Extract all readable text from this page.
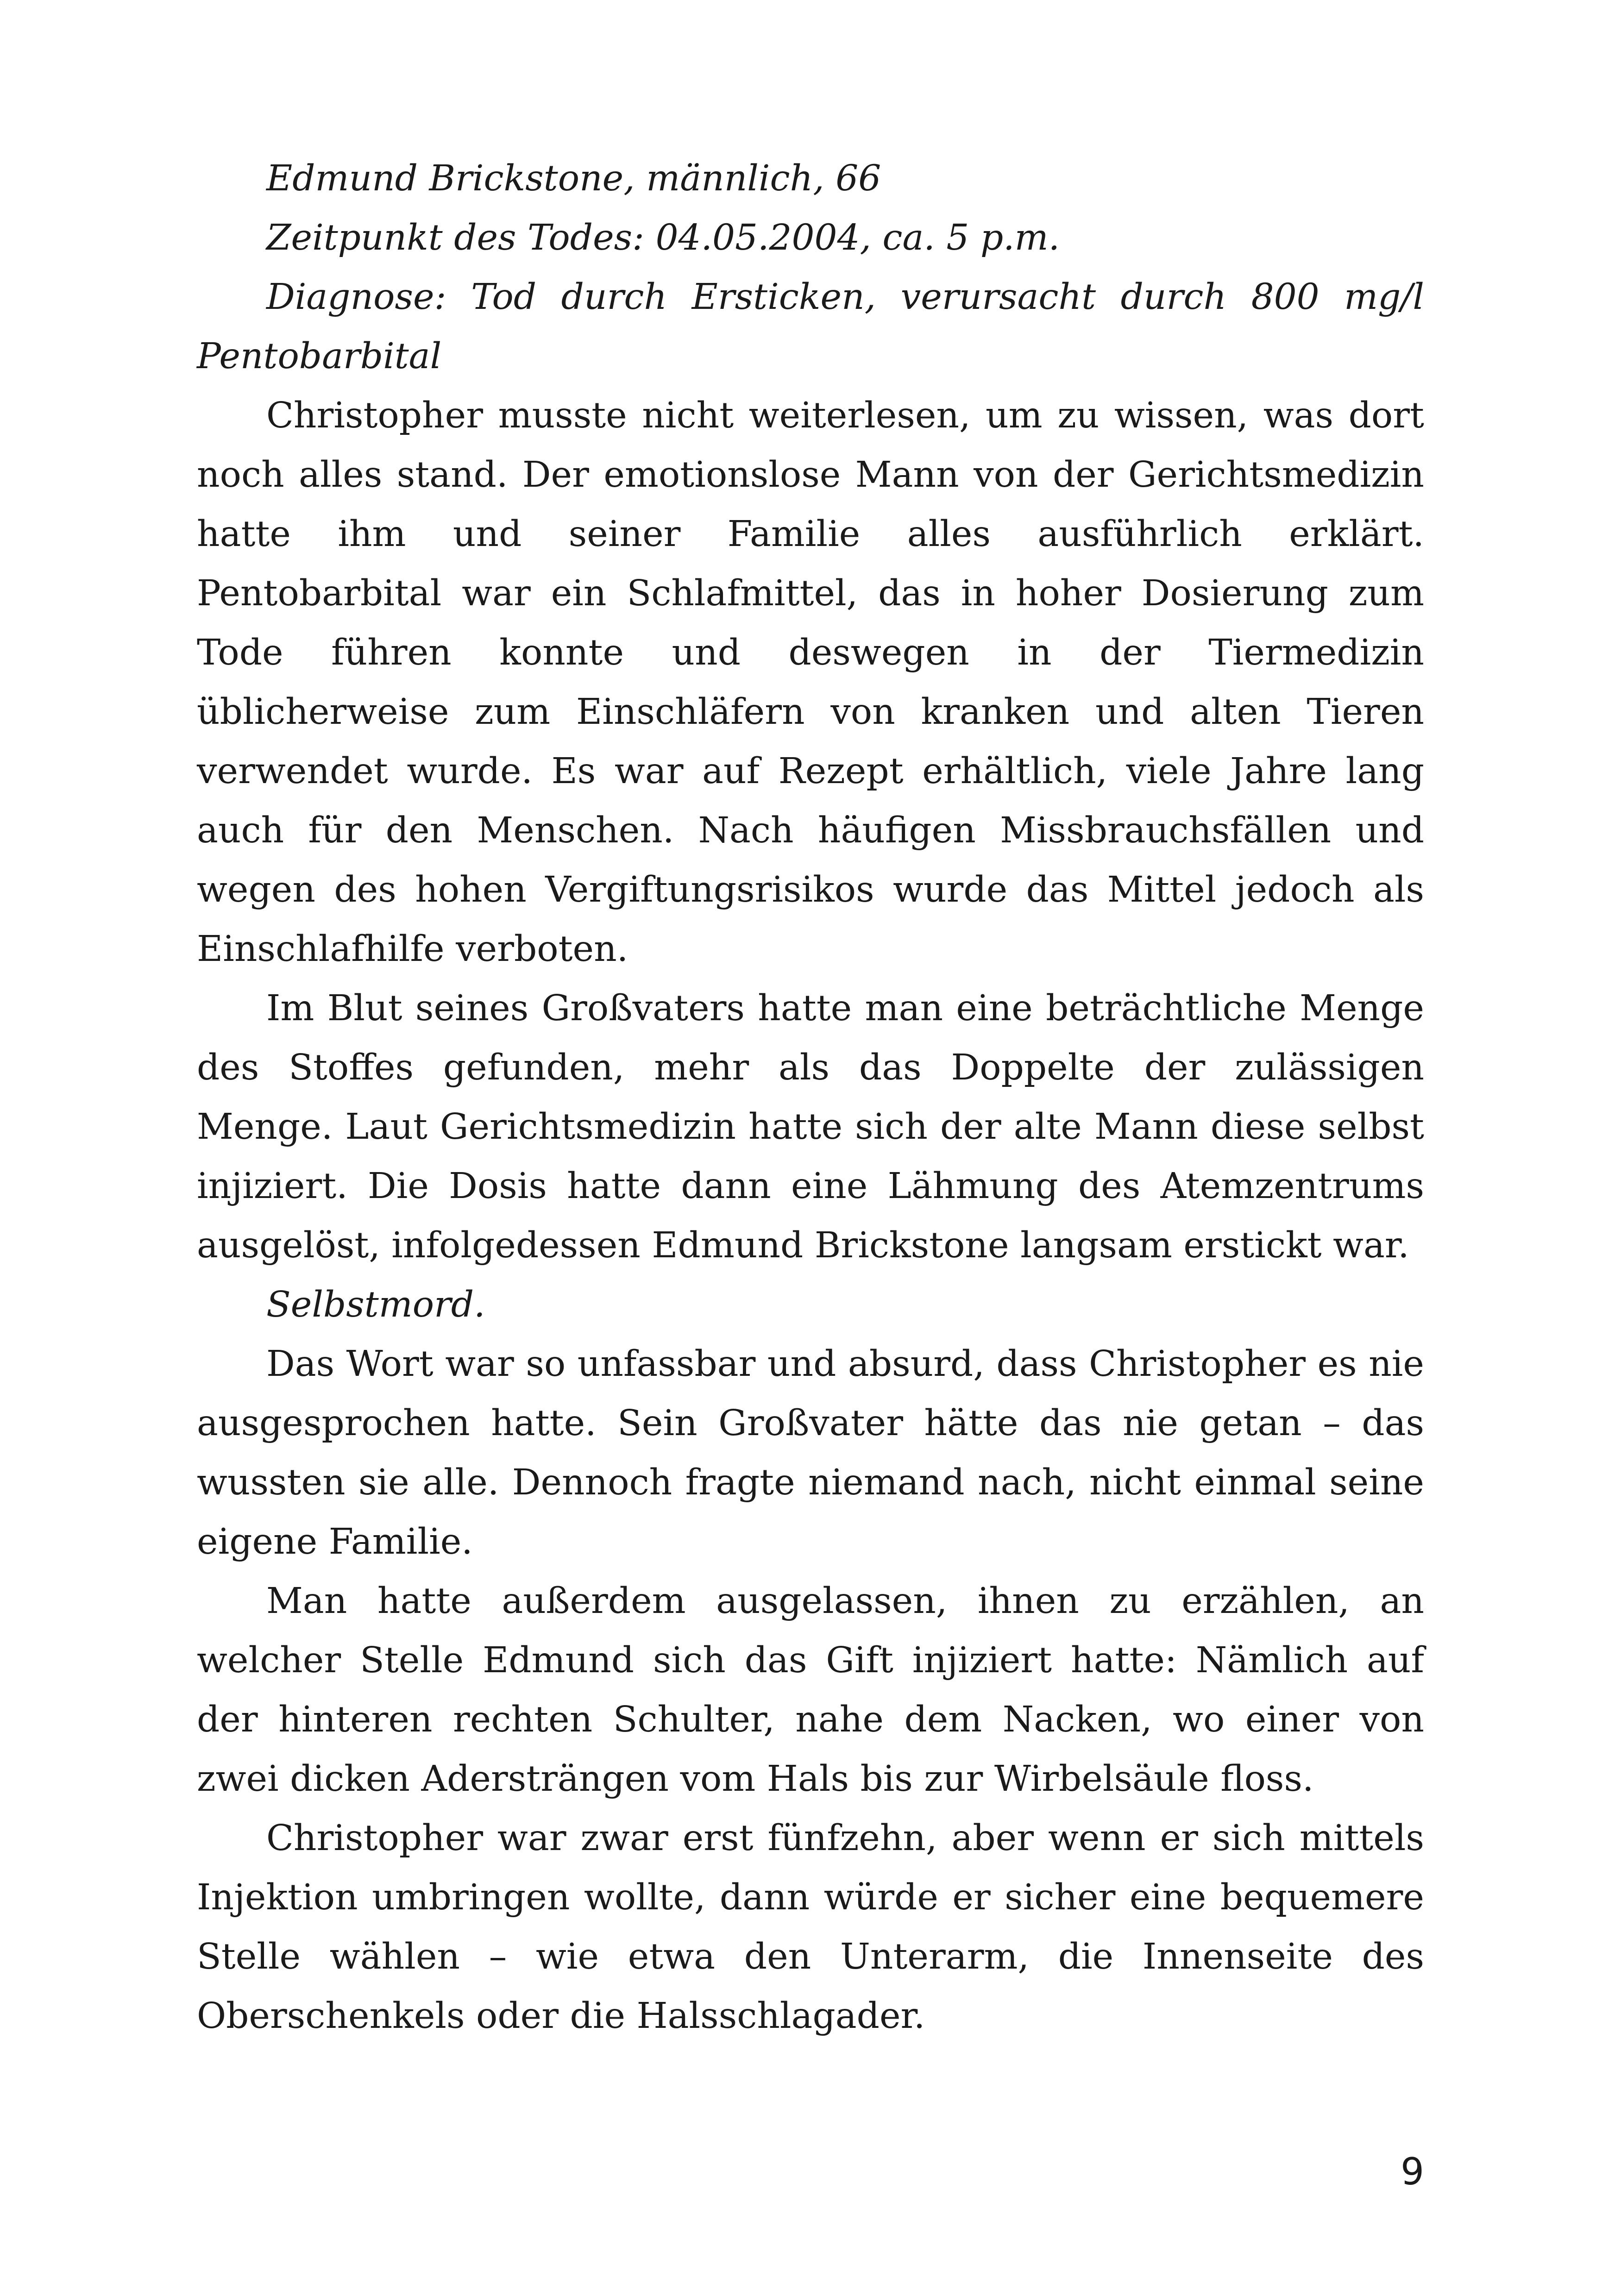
Edmund Brickstone, männlich, 66

Zeitpunkt des Todes: 04.05.2004, ca. 5 p.m.

Diagnose: Tod durch Ersticken, verursacht durch 800 mg/l Pentobarbital

Christopher musste nicht weiterlesen, um zu wissen, was dort noch alles stand. Der emotionslose Mann von der Gerichtsmedizin hatte ihm und seiner Familie alles ausführlich erklärt. Pentobarbital war ein Schlafmittel, das in hoher Dosierung zum Tode führen konnte und deswegen in der Tiermedizin üblicherweise zum Einschläfern von kranken und alten Tieren verwendet wurde. Es war auf Rezept erhältlich, viele Jahre lang auch für den Menschen. Nach häufigen Missbrauchsfällen und wegen des hohen Vergiftungsrisikos wurde das Mittel jedoch als Einschlafhilfe verboten.

Im Blut seines Großvaters hatte man eine beträchtliche Menge des Stoffes gefunden, mehr als das Doppelte der zulässigen Menge. Laut Gerichtsmedizin hatte sich der alte Mann diese selbst injiziert. Die Dosis hatte dann eine Lähmung des Atemzentrums ausgelöst, infolgedessen Edmund Brickstone langsam erstickt war.

Selbstmord.

Das Wort war so unfassbar und absurd, dass Christopher es nie ausgesprochen hatte. Sein Großvater hätte das nie getan – das wussten sie alle. Dennoch fragte niemand nach, nicht einmal seine eigene Familie.

Man hatte außerdem ausgelassen, ihnen zu erzählen, an welcher Stelle Edmund sich das Gift injiziert hatte: Nämlich auf der hinteren rechten Schulter, nahe dem Nacken, wo einer von zwei dicken Adersträngen vom Hals bis zur Wirbelsäule floss.

Christopher war zwar erst fünfzehn, aber wenn er sich mittels Injektion umbringen wollte, dann würde er sicher eine bequemere Stelle wählen – wie etwa den Unterarm, die Innenseite des Oberschenkels oder die Halsschlagader.

9
